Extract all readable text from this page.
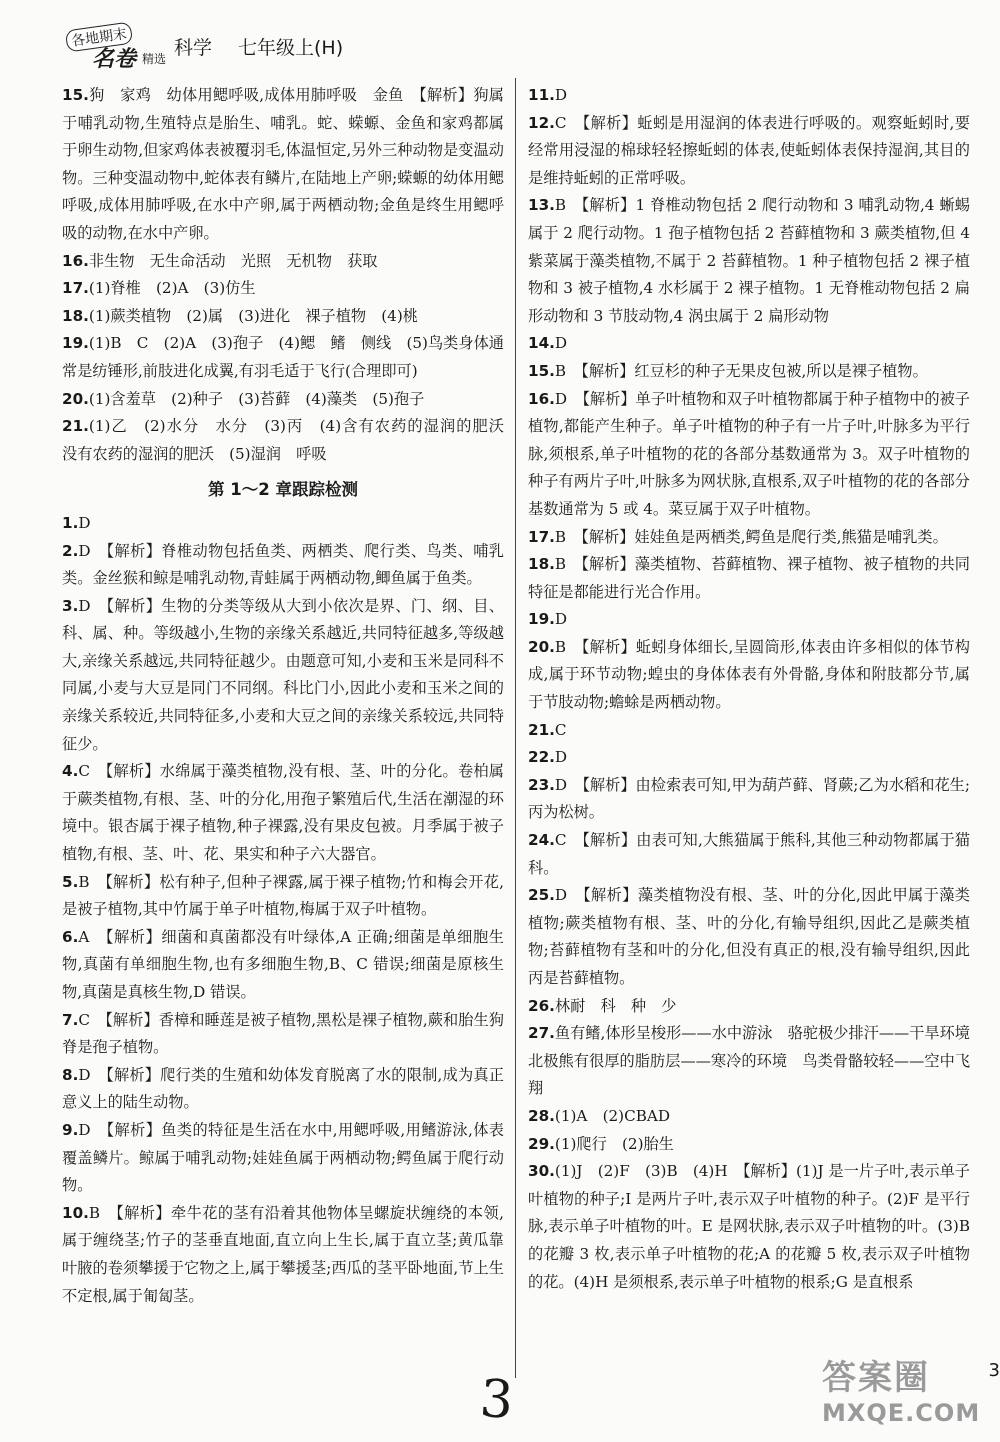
各地期末
名卷 精选
科学 七年级上(H)

15.狗　家鸡　幼体用鳃呼吸,成体用肺呼吸　金鱼　【解析】狗属于哺乳动物,生殖特点是胎生、哺乳。蛇、蝾螈、金鱼和家鸡都属于卵生动物,但家鸡体表被覆羽毛,体温恒定,另外三种动物是变温动物。三种变温动物中,蛇体表有鳞片,在陆地上产卵;蝾螈的幼体用鳃呼吸,成体用肺呼吸,在水中产卵,属于两栖动物;金鱼是终生用鳃呼吸的动物,在水中产卵。

16.非生物　无生命活动　光照　无机物　获取

17.(1)脊椎　(2)A　(3)仿生

18.(1)蕨类植物　(2)属　(3)进化　裸子植物　(4)桃

19.(1)B　C　(2)A　(3)孢子　(4)鳃　鳍　侧线　(5)鸟类身体通常是纺锤形,前肢进化成翼,有羽毛适于飞行(合理即可)

20.(1)含羞草　(2)种子　(3)苔藓　(4)藻类　(5)孢子

21.(1)乙　(2)水分　水分　(3)丙　(4)含有农药的湿润的肥沃　没有农药的湿润的肥沃　(5)湿润　呼吸

第 1～2 章跟踪检测

1.D

2.D　【解析】脊椎动物包括鱼类、两栖类、爬行类、鸟类、哺乳类。金丝猴和鲸是哺乳动物,青蛙属于两栖动物,鲫鱼属于鱼类。

3.D　【解析】生物的分类等级从大到小依次是界、门、纲、目、科、属、种。等级越小,生物的亲缘关系越近,共同特征越多,等级越大,亲缘关系越远,共同特征越少。由题意可知,小麦和玉米是同科不同属,小麦与大豆是同门不同纲。科比门小,因此小麦和玉米之间的亲缘关系较近,共同特征多,小麦和大豆之间的亲缘关系较远,共同特征少。

4.C　【解析】水绵属于藻类植物,没有根、茎、叶的分化。卷柏属于蕨类植物,有根、茎、叶的分化,用孢子繁殖后代,生活在潮湿的环境中。银杏属于裸子植物,种子裸露,没有果皮包被。月季属于被子植物,有根、茎、叶、花、果实和种子六大器官。

5.B　【解析】松有种子,但种子裸露,属于裸子植物;竹和梅会开花,是被子植物,其中竹属于单子叶植物,梅属于双子叶植物。

6.A　【解析】细菌和真菌都没有叶绿体,A 正确;细菌是单细胞生物,真菌有单细胞生物,也有多细胞生物,B、C 错误;细菌是原核生物,真菌是真核生物,D 错误。

7.C　【解析】香樟和睡莲是被子植物,黑松是裸子植物,蕨和胎生狗脊是孢子植物。

8.D　【解析】爬行类的生殖和幼体发育脱离了水的限制,成为真正意义上的陆生动物。

9.D　【解析】鱼类的特征是生活在水中,用鳃呼吸,用鳍游泳,体表覆盖鳞片。鲸属于哺乳动物;娃娃鱼属于两栖动物;鳄鱼属于爬行动物。

10.B　【解析】牵牛花的茎有沿着其他物体呈螺旋状缠绕的本领,属于缠绕茎;竹子的茎垂直地面,直立向上生长,属于直立茎;黄瓜靠叶腋的卷须攀援于它物之上,属于攀援茎;西瓜的茎平卧地面,节上生不定根,属于匍匐茎。

11.D

12.C　【解析】蚯蚓是用湿润的体表进行呼吸的。观察蚯蚓时,要经常用浸湿的棉球轻轻擦蚯蚓的体表,使蚯蚓体表保持湿润,其目的是维持蚯蚓的正常呼吸。

13.B　【解析】1 脊椎动物包括 2 爬行动物和 3 哺乳动物,4 蜥蜴属于 2 爬行动物。1 孢子植物包括 2 苔藓植物和 3 蕨类植物,但 4 紫菜属于藻类植物,不属于 2 苔藓植物。1 种子植物包括 2 裸子植物和 3 被子植物,4 水杉属于 2 裸子植物。1 无脊椎动物包括 2 扁形动物和 3 节肢动物,4 涡虫属于 2 扁形动物

14.D

15.B　【解析】红豆杉的种子无果皮包被,所以是裸子植物。

16.D　【解析】单子叶植物和双子叶植物都属于种子植物中的被子植物,都能产生种子。单子叶植物的种子有一片子叶,叶脉多为平行脉,须根系,单子叶植物的花的各部分基数通常为 3。双子叶植物的种子有两片子叶,叶脉多为网状脉,直根系,双子叶植物的花的各部分基数通常为 5 或 4。菜豆属于双子叶植物。

17.B　【解析】娃娃鱼是两栖类,鳄鱼是爬行类,熊猫是哺乳类。

18.B　【解析】藻类植物、苔藓植物、裸子植物、被子植物的共同特征是都能进行光合作用。

19.D

20.B　【解析】蚯蚓身体细长,呈圆筒形,体表由许多相似的体节构成,属于环节动物;蝗虫的身体体表有外骨骼,身体和附肢都分节,属于节肢动物;蟾蜍是两栖动物。

21.C

22.D

23.D　【解析】由检索表可知,甲为葫芦藓、肾蕨;乙为水稻和花生;丙为松树。

24.C　【解析】由表可知,大熊猫属于熊科,其他三种动物都属于猫科。

25.D　【解析】藻类植物没有根、茎、叶的分化,因此甲属于藻类植物;蕨类植物有根、茎、叶的分化,有输导组织,因此乙是蕨类植物;苔藓植物有茎和叶的分化,但没有真正的根,没有输导组织,因此丙是苔藓植物。

26.林耐　科　种　少

27.鱼有鳍,体形呈梭形——水中游泳　骆驼极少排汗——干旱环境　北极熊有很厚的脂肪层——寒冷的环境　鸟类骨骼较轻——空中飞翔

28.(1)A　(2)CBAD

29.(1)爬行　(2)胎生

30.(1)J　(2)F　(3)B　(4)H　【解析】(1)J 是一片子叶,表示单子叶植物的种子;I 是两片子叶,表示双子叶植物的种子。(2)F 是平行脉,表示单子叶植物的叶。E 是网状脉,表示双子叶植物的叶。(3)B 的花瓣 3 枚,表示单子叶植物的花;A 的花瓣 5 枚,表示双子叶植物的花。(4)H 是须根系,表示单子叶植物的根系;G 是直根系

3	答案圈
MXQE.COM
3
